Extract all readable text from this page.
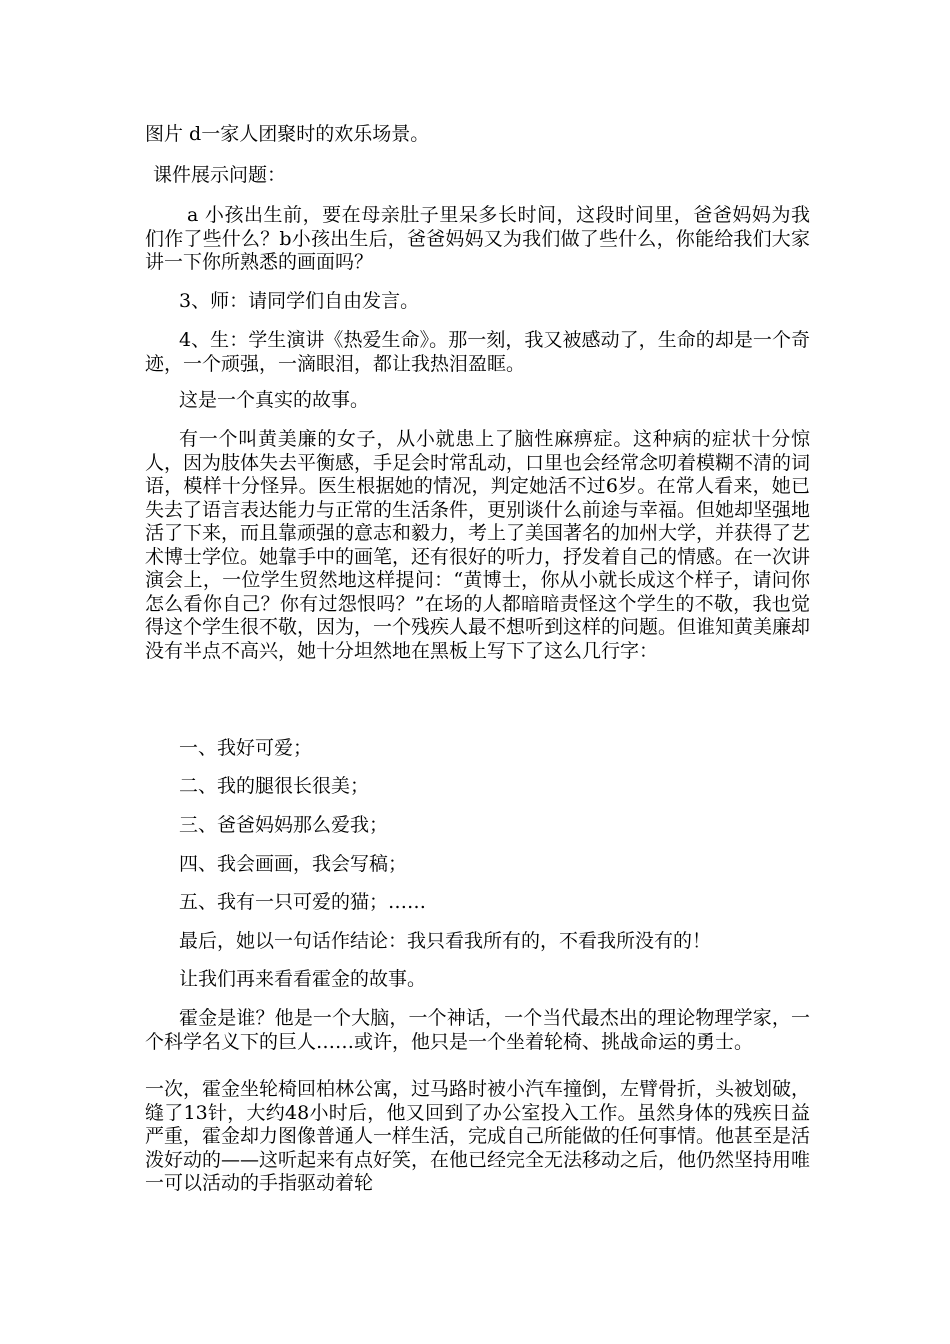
图片 d一家人团聚时的欢乐场景。

课件展示问题：

a 小孩出生前，要在母亲肚子里呆多长时间，这段时间里，爸爸妈妈为我们作了些什么？b小孩出生后，爸爸妈妈又为我们做了些什么，你能给我们大家讲一下你所熟悉的画面吗？

3、师：请同学们自由发言。

4、生：学生演讲《热爱生命》。那一刻，我又被感动了，生命的却是一个奇迹，一个顽强，一滴眼泪，都让我热泪盈眶。

这是一个真实的故事。

有一个叫黄美廉的女子，从小就患上了脑性麻痹症。这种病的症状十分惊人，因为肢体失去平衡感，手足会时常乱动，口里也会经常念叨着模糊不清的词语，模样十分怪异。医生根据她的情况，判定她活不过6岁。在常人看来，她已失去了语言表达能力与正常的生活条件，更别谈什么前途与幸福。但她却坚强地活了下来，而且靠顽强的意志和毅力，考上了美国著名的加州大学，并获得了艺术博士学位。她靠手中的画笔，还有很好的听力，抒发着自己的情感。在一次讲演会上，一位学生贸然地这样提问：“黄博士，你从小就长成这个样子，请问你怎么看你自己？你有过怨恨吗？”在场的人都暗暗责怪这个学生的不敬，我也觉得这个学生很不敬，因为，一个残疾人最不想听到这样的问题。但谁知黄美廉却没有半点不高兴，她十分坦然地在黑板上写下了这么几行字：

一、我好可爱；

二、我的腿很长很美；

三、爸爸妈妈那么爱我；

四、我会画画，我会写稿；

五、我有一只可爱的猫；……

最后，她以一句话作结论：我只看我所有的，不看我所没有的！

让我们再来看看霍金的故事。

霍金是谁？他是一个大脑，一个神话，一个当代最杰出的理论物理学家，一个科学名义下的巨人……或许，他只是一个坐着轮椅、挑战命运的勇士。

一次，霍金坐轮椅回柏林公寓，过马路时被小汽车撞倒，左臂骨折，头被划破，缝了13针，大约48小时后，他又回到了办公室投入工作。虽然身体的残疾日益严重，霍金却力图像普通人一样生活，完成自己所能做的任何事情。他甚至是活泼好动的——这听起来有点好笑，在他已经完全无法移动之后，他仍然坚持用唯一可以活动的手指驱动着轮
